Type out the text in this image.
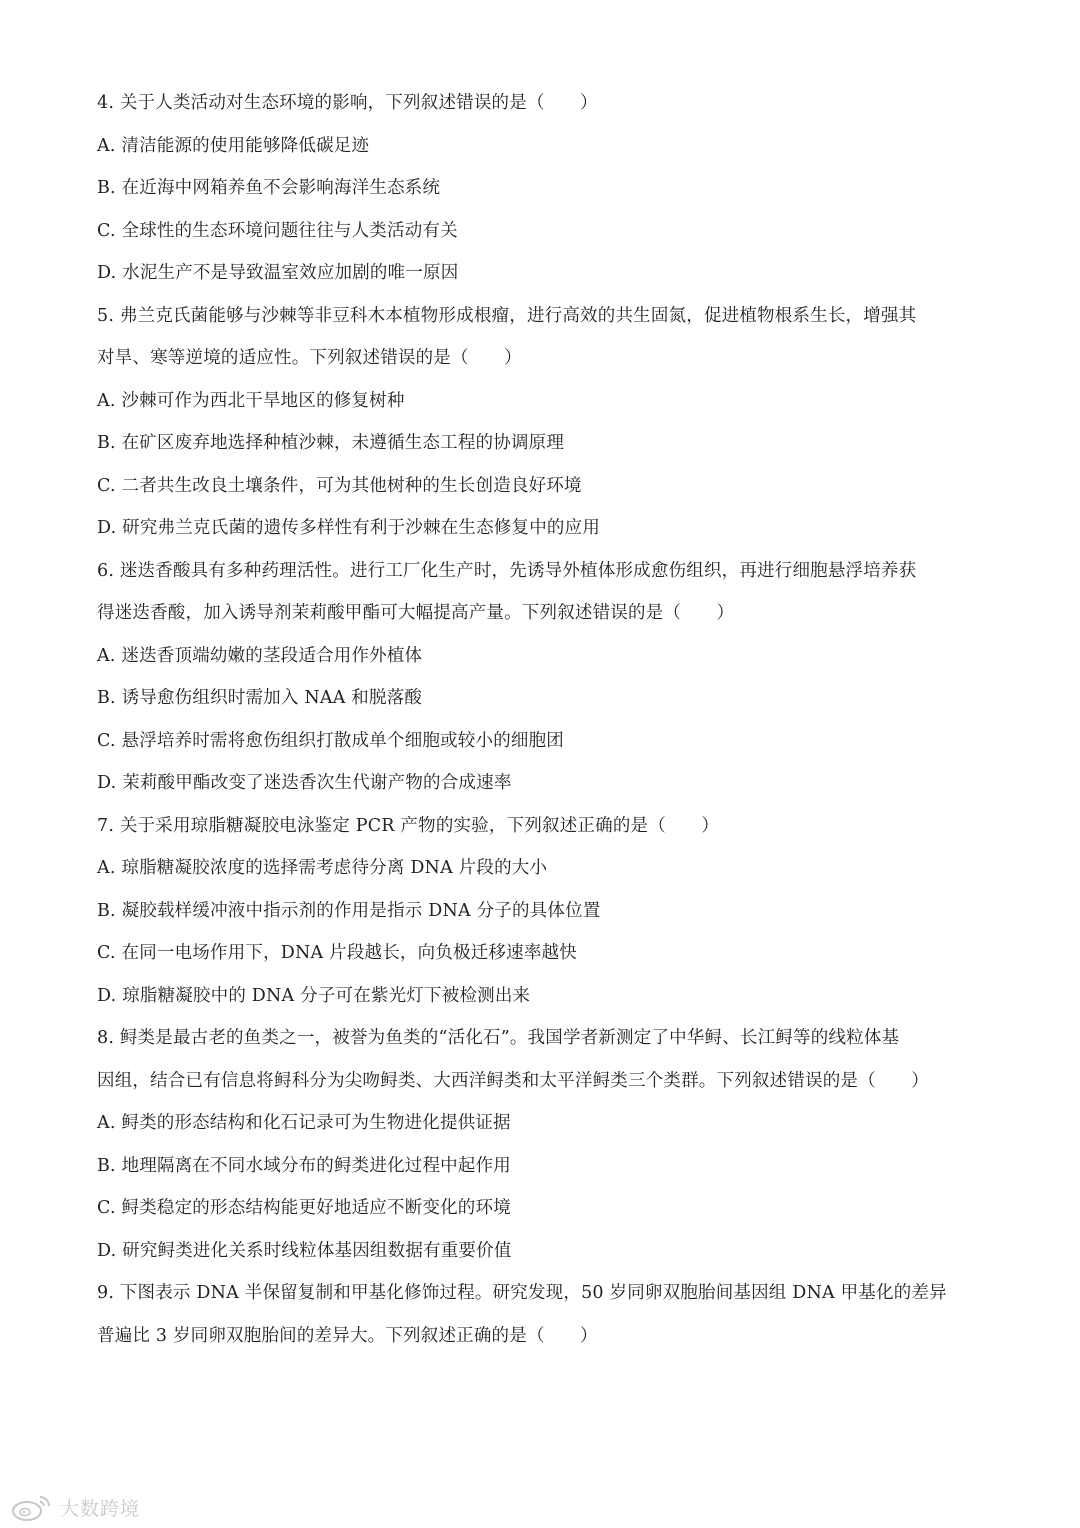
4. 关于人类活动对生态环境的影响，下列叙述错误的是（　　）
A. 清洁能源的使用能够降低碳足迹
B. 在近海中网箱养鱼不会影响海洋生态系统
C. 全球性的生态环境问题往往与人类活动有关
D. 水泥生产不是导致温室效应加剧的唯一原因
5. 弗兰克氏菌能够与沙棘等非豆科木本植物形成根瘤，进行高效的共生固氮，促进植物根系生长，增强其
对旱、寒等逆境的适应性。下列叙述错误的是（　　）
A. 沙棘可作为西北干旱地区的修复树种
B. 在矿区废弃地选择种植沙棘，未遵循生态工程的协调原理
C. 二者共生改良土壤条件，可为其他树种的生长创造良好环境
D. 研究弗兰克氏菌的遗传多样性有利于沙棘在生态修复中的应用
6. 迷迭香酸具有多种药理活性。进行工厂化生产时，先诱导外植体形成愈伤组织，再进行细胞悬浮培养获
得迷迭香酸，加入诱导剂茉莉酸甲酯可大幅提高产量。下列叙述错误的是（　　）
A. 迷迭香顶端幼嫩的茎段适合用作外植体
B. 诱导愈伤组织时需加入 NAA 和脱落酸
C. 悬浮培养时需将愈伤组织打散成单个细胞或较小的细胞团
D. 茉莉酸甲酯改变了迷迭香次生代谢产物的合成速率
7. 关于采用琼脂糖凝胶电泳鉴定 PCR 产物的实验，下列叙述正确的是（　　）
A. 琼脂糖凝胶浓度的选择需考虑待分离 DNA 片段的大小
B. 凝胶载样缓冲液中指示剂的作用是指示 DNA 分子的具体位置
C. 在同一电场作用下，DNA 片段越长，向负极迁移速率越快
D. 琼脂糖凝胶中的 DNA 分子可在紫光灯下被检测出来
8. 鲟类是最古老的鱼类之一，被誉为鱼类的“活化石”。我国学者新测定了中华鲟、长江鲟等的线粒体基
因组，结合已有信息将鲟科分为尖吻鲟类、大西洋鲟类和太平洋鲟类三个类群。下列叙述错误的是（　　）
A. 鲟类的形态结构和化石记录可为生物进化提供证据
B. 地理隔离在不同水域分布的鲟类进化过程中起作用
C. 鲟类稳定的形态结构能更好地适应不断变化的环境
D. 研究鲟类进化关系时线粒体基因组数据有重要价值
9. 下图表示 DNA 半保留复制和甲基化修饰过程。研究发现，50 岁同卵双胞胎间基因组 DNA 甲基化的差异
普遍比 3 岁同卵双胞胎间的差异大。下列叙述正确的是（　　）
大数跨境
